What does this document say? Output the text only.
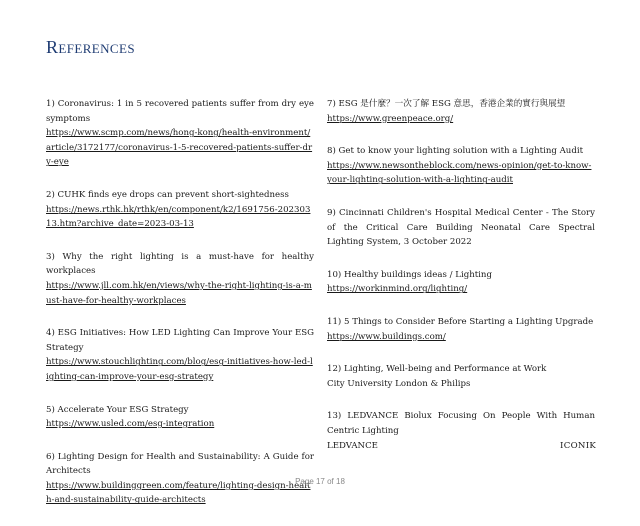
References
1) Coronavirus: 1 in 5 recovered patients suffer from dry eye symptoms
https://www.scmp.com/news/hong-kong/health-environment/article/3172177/coronavirus-1-5-recovered-patients-suffer-dry-eye
2) CUHK finds eye drops can prevent short-sightedness
https://news.rthk.hk/rthk/en/component/k2/1691756-20230313.htm?archive_date=2023-03-13
3) Why the right lighting is a must-have for healthy workplaces
https://www.jll.com.hk/en/views/why-the-right-lighting-is-a-must-have-for-healthy-workplaces
4) ESG Initiatives: How LED Lighting Can Improve Your ESG Strategy
https://www.stouchlighting.com/blog/esg-initiatives-how-led-lighting-can-improve-your-esg-strategy
5) Accelerate Your ESG Strategy
https://www.usled.com/esg-integration
6) Lighting Design for Health and Sustainability: A Guide for Architects
https://www.buildinggreen.com/feature/lighting-design-health-and-sustainability-guide-architects
7) ESG 是什麼？一次了解 ESG 意思，香港企業的實行與展望
https://www.greenpeace.org/
8) Get to know your lighting solution with a Lighting Audit
https://www.newsontheblock.com/news-opinion/get-to-know-your-lighting-solution-with-a-lighting-audit
9) Cincinnati Children's Hospital Medical Center - The Story of the Critical Care Building Neonatal Care Spectral Lighting System, 3 October 2022
10) Healthy buildings ideas / Lighting
https://workinmind.org/lighting/
11) 5 Things to Consider Before Starting a Lighting Upgrade
https://www.buildings.com/
12) Lighting, Well-being and Performance at Work
City University London & Philips
13) LEDVANCE Biolux Focusing On People With Human Centric Lighting
LEDVANCE	ICONIK
Page 17 of 18
